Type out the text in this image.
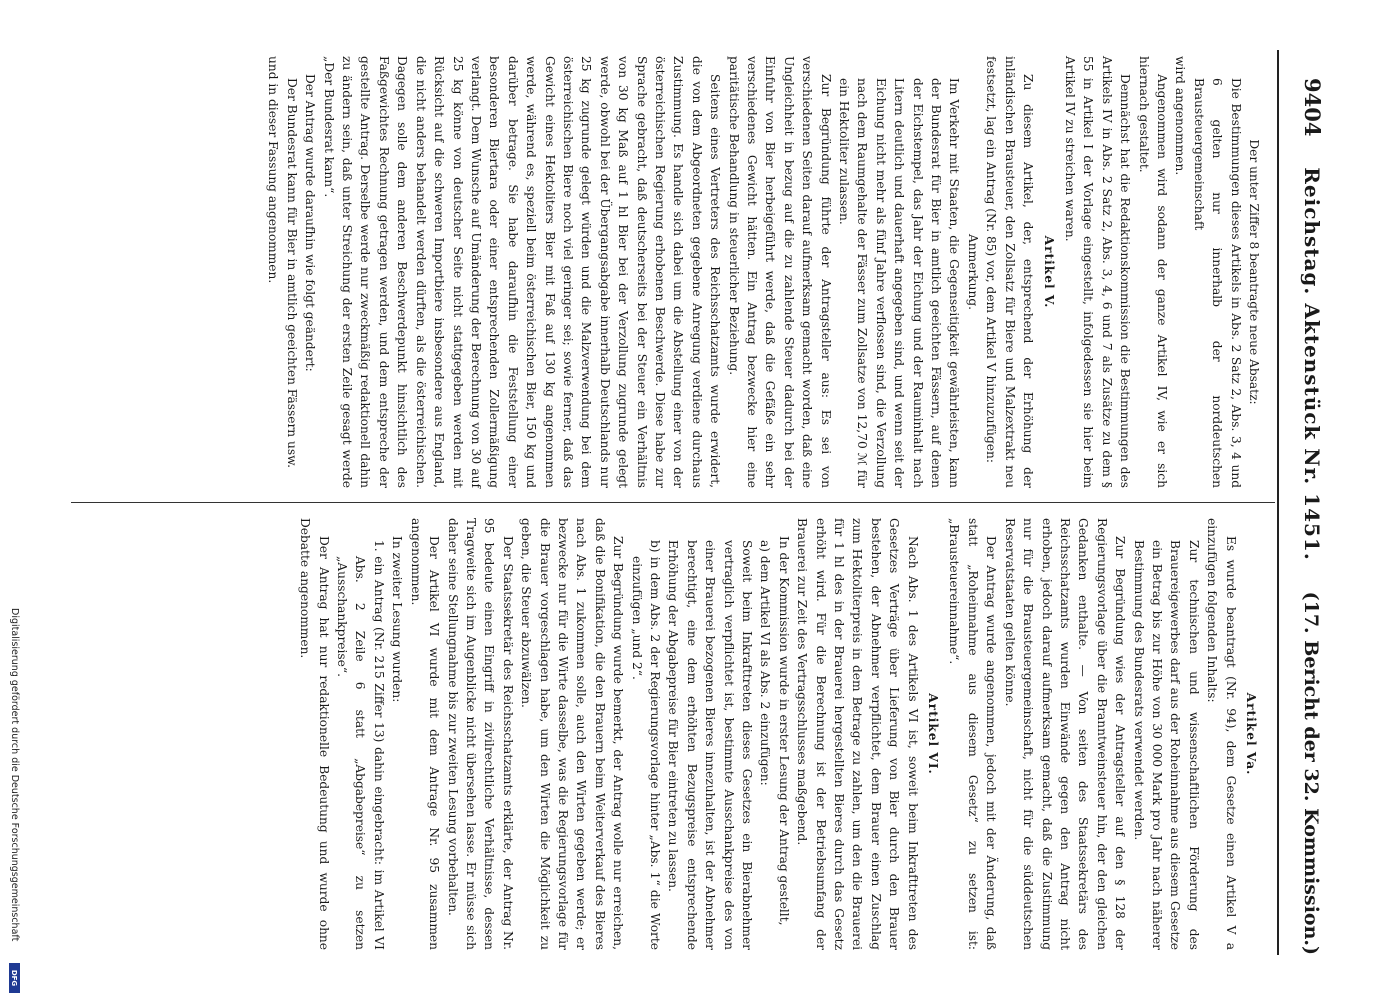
9404
Reichstag. Aktenstück Nr. 1451.
(17. Bericht der 32. Kommission.)

Der unter Ziffer 8 beantragte neue Absatz:

Die Bestimmungen dieses Artikels in Abs. 2 Satz 2, Abs. 3, 4 und 6 gelten nur innerhalb der norddeutschen Brausteuergemeinschaft

wird angenommen.

Angenommen wird sodann der ganze Artikel IV, wie er sich hiernach gestaltet.

Demnächst hat die Redaktionskommission die Bestimmungen des Artikels IV in Abs. 2 Satz 2, Abs. 3, 4, 6 und 7 als Zusätze zu dem § 55 in Artikel I der Vorlage eingestellt, infolgedessen sie hier beim Artikel IV zu streichen waren.

Artikel V.

Zu diesem Artikel, der, entsprechend der Erhöhung der inländischen Brausteuer, den Zollsatz für Biere und Malzextrakt neu festsetzt, lag ein Antrag (Nr. 85) vor, dem Artikel V hinzuzufügen:

Anmerkung.

Im Verkehr mit Staaten, die Gegenseitigkeit gewährleisten, kann der Bundesrat für Bier in amtlich geeichten Fässern, auf denen der Eichstempel, das Jahr der Eichung und der Rauminhalt nach Litern deutlich und dauerhaft angegeben sind, und wenn seit der Eichung nicht mehr als fünf Jahre verflossen sind, die Verzollung nach dem Raumgehalte der Fässer zum Zollsatze von 12,70 ℳ für ein Hektoliter zulassen.

Zur Begründung führte der Antragsteller aus: Es sei von verschiedenen Seiten darauf aufmerksam gemacht worden, daß eine Ungleichheit in bezug auf die zu zahlende Steuer dadurch bei der Einfuhr von Bier herbeigeführt werde, daß die Gefäße ein sehr verschiedenes Gewicht hätten. Ein Antrag bezwecke hier eine paritätische Behandlung in steuerlicher Beziehung.

Seitens eines Vertreters des Reichsschatzamts wurde erwidert, die von dem Abgeordneten gegebene Anregung verdiene durchaus Zustimmung. Es handle sich dabei um die Abstellung einer von der österreichischen Regierung erhobenen Beschwerde. Diese habe zur Sprache gebracht, daß deutscherseits bei der Steuer ein Verhältnis von 30 kg Maß auf 1 hl Bier bei der Verzollung zugrunde gelegt werde, obwohl bei der Übergangsabgabe innerhalb Deutschlands nur 25 kg zugrunde gelegt würden und die Malzverwendung bei dem österreichischen Biere noch viel geringer sei; sowie ferner, daß das Gewicht eines Hektoliters Bier mit Faß auf 130 kg angenommen werde, während es, speziell beim österreichischen Bier, 150 kg und darüber betrage. Sie habe daraufhin die Feststellung einer besonderen Biertara oder einer entsprechenden Zollermäßigung verlangt. Dem Wunsche auf Umänderung der Berechnung von 30 auf 25 kg könne von deutscher Seite nicht stattgegeben werden mit Rücksicht auf die schweren Importbiere insbesondere aus England, die nicht anders behandelt werden dürften, als die österreichischen. Dagegen solle dem anderen Beschwerdepunkt hinsichtlich des Faßgewichtes Rechnung getragen werden, und dem entspreche der gestellte Antrag. Derselbe werde nur zweckmäßig redaktionell dahin zu ändern sein, daß unter Streichung der ersten Zeile gesagt werde „Der Bundesrat kann“.

Der Antrag wurde daraufhin wie folgt geändert:

Der Bundesrat kann für Bier in amtlich geeichten Fässern usw.

und in dieser Fassung angenommen.

Artikel Va.

Es wurde beantragt (Nr. 94), dem Gesetze einen Artikel V a einzufügen folgenden Inhalts:

Zur technischen und wissenschaftlichen Förderung des Brauereigewerbes darf aus der Roheinnahme aus diesem Gesetze ein Betrag bis zur Höhe von 30 000 Mark pro Jahr nach näherer Bestimmung des Bundesrats verwendet werden.

Zur Begründung wies der Antragsteller auf den § 128 der Regierungsvorlage über die Branntweinsteuer hin, der den gleichen Gedanken enthalte. — Von seiten des Staatssekretärs des Reichsschatzamts wurden Einwände gegen den Antrag nicht erhoben, jedoch darauf aufmerksam gemacht, daß die Zustimmung nur für die Brausteuergemeinschaft, nicht für die süddeutschen Reservatstaaten gelten könne.

Der Antrag wurde angenommen, jedoch mit der Änderung, daß statt „Roheinnahme aus diesem Gesetz“ zu setzen ist: „Brausteuereinnahme“.

Artikel VI.

Nach Abs. 1 des Artikels VI ist, soweit beim Inkrafttreten des Gesetzes Verträge über Lieferung von Bier durch den Brauer bestehen, der Abnehmer verpflichtet, dem Brauer einen Zuschlag zum Hektoliterpreis in dem Betrage zu zahlen, um den die Brauerei für 1 hl des in der Brauerei hergestellten Bieres durch das Gesetz erhöht wird. Für die Berechnung ist der Betriebsumfang der Brauerei zur Zeit des Vertragsschlusses maßgebend.

In der Kommission wurde in erster Lesung der Antrag gestellt,

a) dem Artikel VI als Abs. 2 einzufügen:

Soweit beim Inkrafttreten dieses Gesetzes ein Bierabnehmer vertraglich verpflichtet ist, bestimmte Ausschankpreise des von einer Brauerei bezogenen Bieres innezuhalten, ist der Abnehmer berechtigt, eine dem erhöhten Bezugspreise entsprechende Erhöhung der Abgabepreise für Bier eintreten zu lassen.

b) in dem Abs. 2 der Regierungsvorlage hinter „Abs. 1“ die Worte einzufügen „und 2“.

Zur Begründung wurde bemerkt, der Antrag wolle nur erreichen, daß die Bonifikation, die den Brauern beim Weiterverkauf des Bieres nach Abs. 1 zukommen solle, auch den Wirten gegeben werde; er bezwecke nur für die Wirte dasselbe, was die Regierungsvorlage für die Brauer vorgeschlagen habe, um den Wirten die Möglichkeit zu geben, die Steuer abzuwälzen.

Der Staatssekretär des Reichsschatzamts erklärte, der Antrag Nr. 95 bedeute einen Eingriff in zivilrechtliche Verhältnisse, dessen Tragweite sich im Augenblicke nicht übersehen lasse. Er müsse sich daher seine Stellungnahme bis zur zweiten Lesung vorbehalten.

Der Artikel VI wurde mit dem Antrage Nr. 95 zusammen angenommen.

In zweiter Lesung wurden:

1. ein Antrag (Nr. 215 Ziffer 13) dahin eingebracht: im Artikel VI Abs. 2 Zeile 6 statt „Abgabepreise“ zu setzen „Ausschankpreise“.

Der Antrag hat nur redaktionelle Bedeutung und wurde ohne Debatte angenommen.

Digitalisierung gefördert durch die Deutsche Forschungsgemeinschaft
DFG
